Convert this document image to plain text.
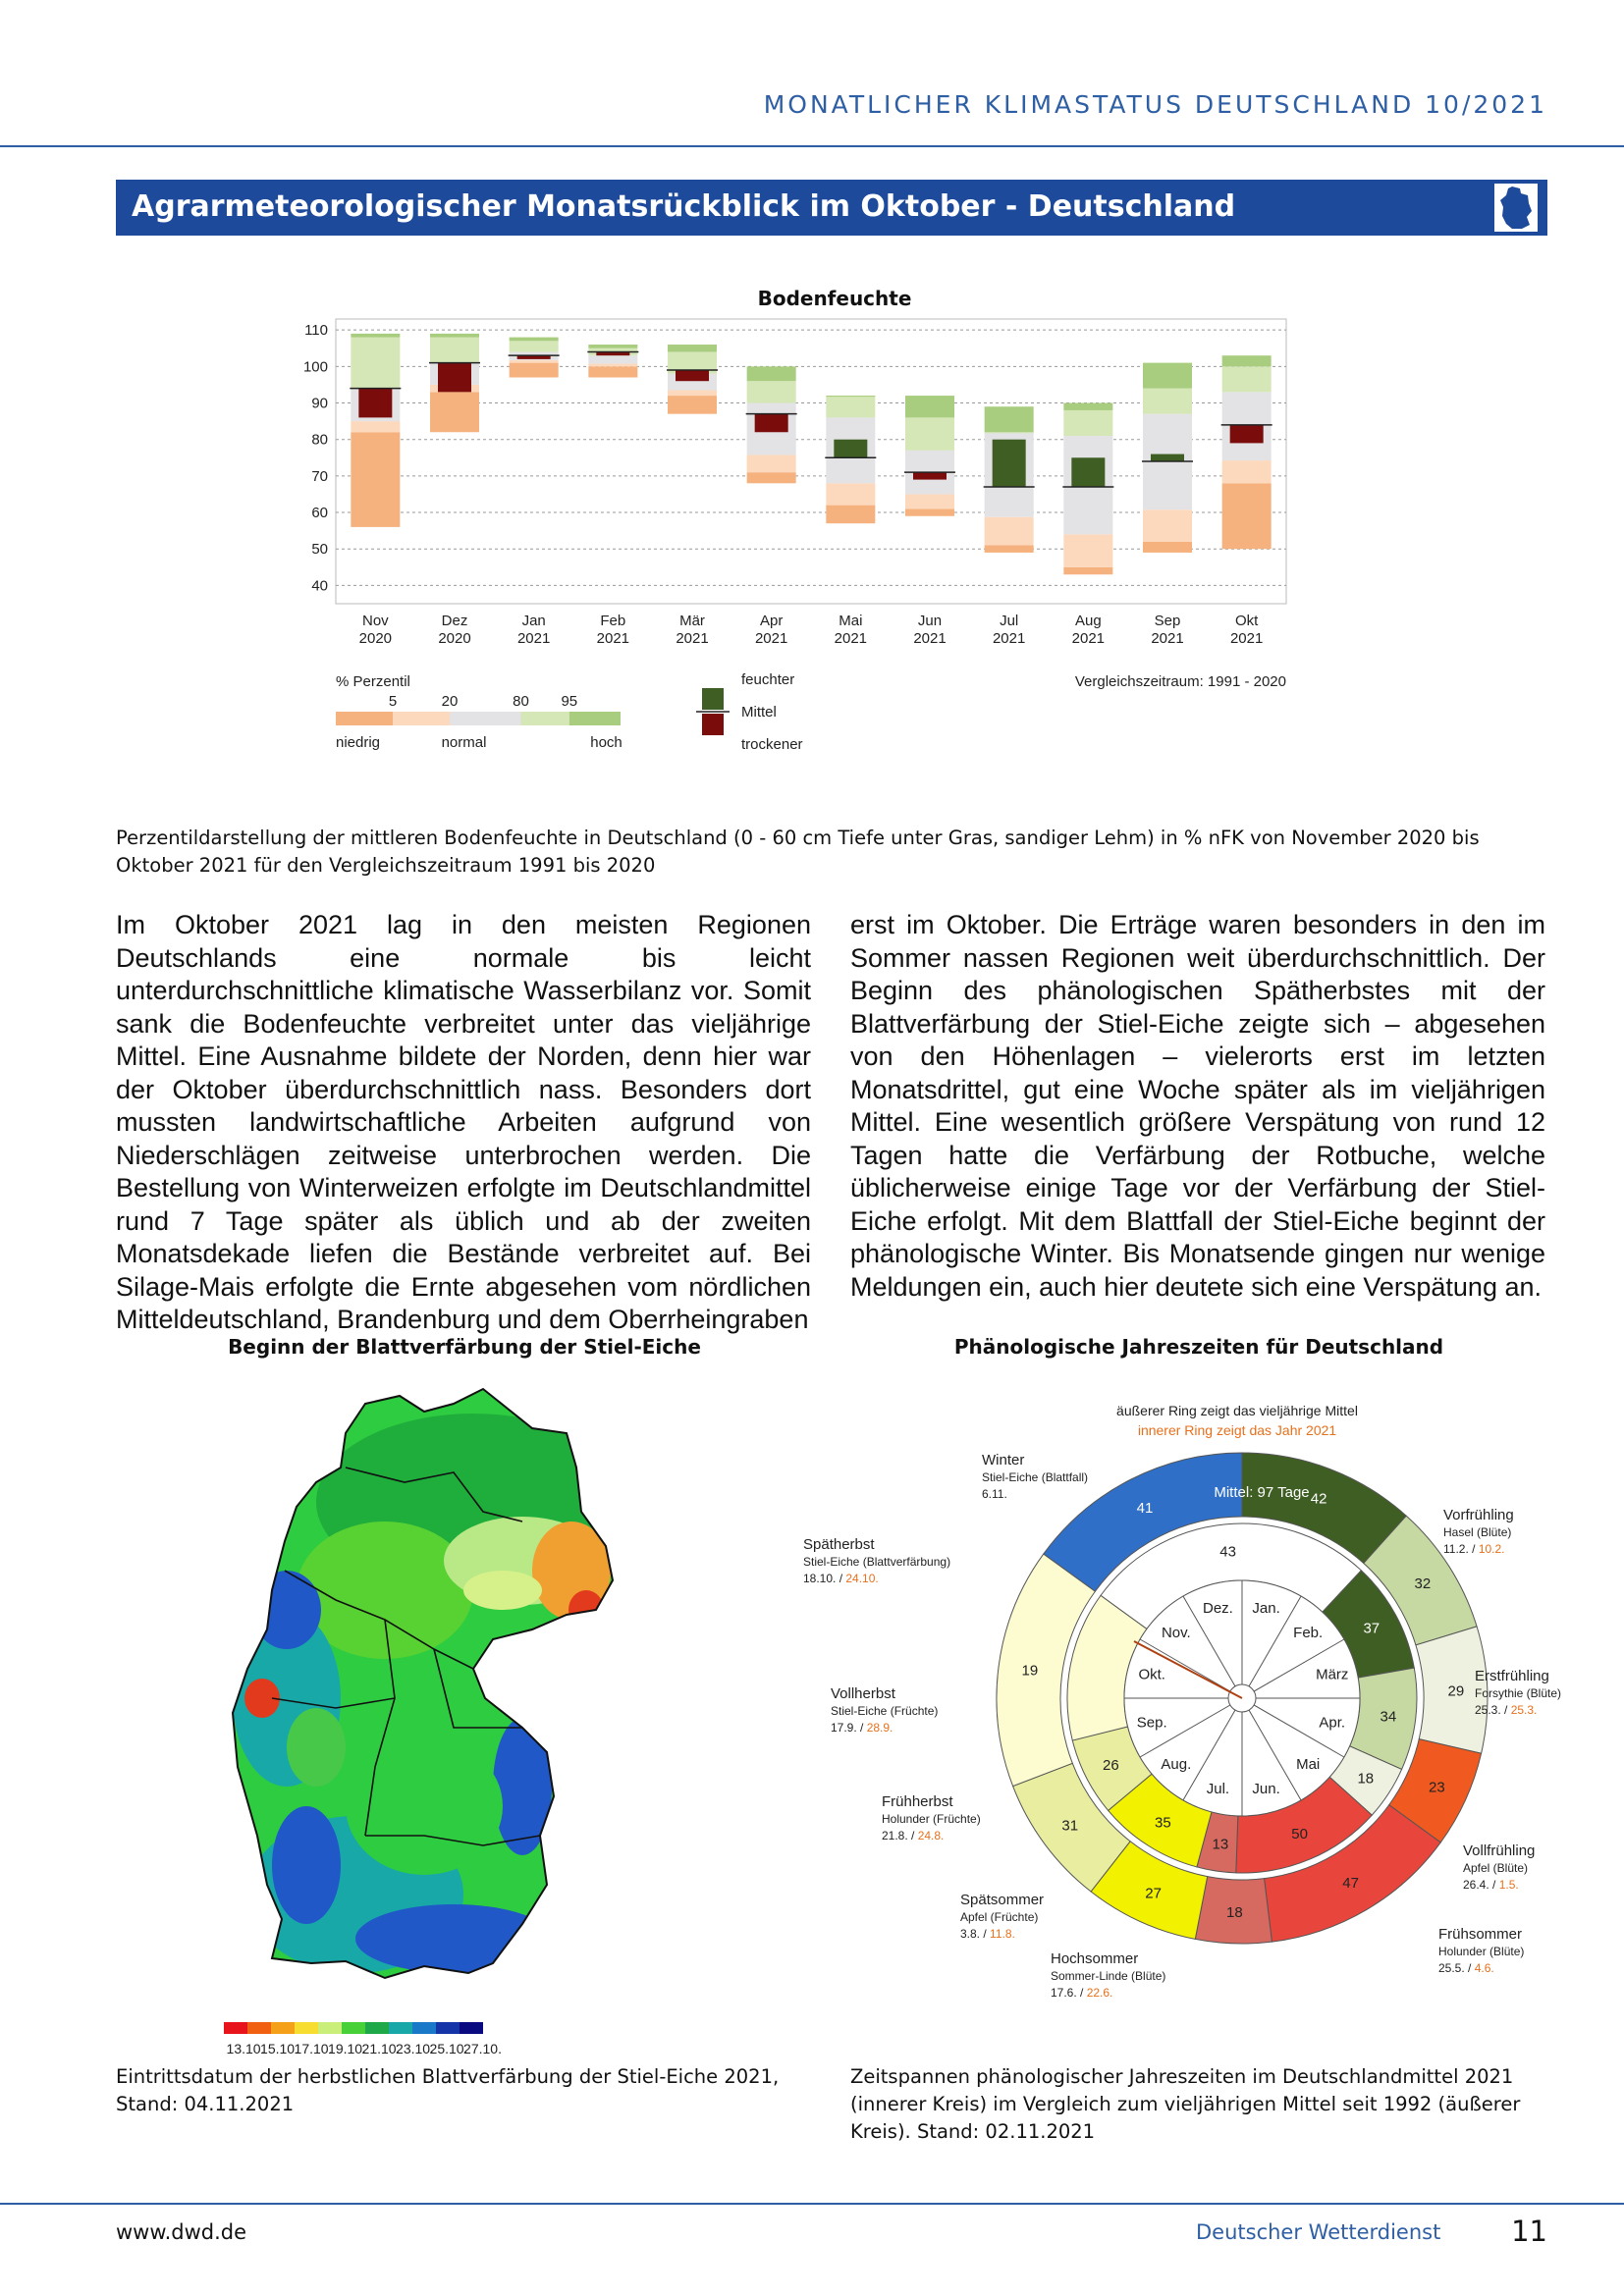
MONATLICHER KLIMASTATUS DEUTSCHLAND 10/2021
Agrarmeteorologischer Monatsrückblick im Oktober - Deutschland
Bodenfeuchte
110
100
90
80
70
60
50
40
Nov
2020
Dez
2020
Jan
2021
Feb
2021
Mär
2021
Apr
2021
Mai
2021
Jun
2021
Jul
2021
Aug
2021
Sep
2021
Okt
2021
Vergleichszeitraum: 1991 - 2020
% Perzentil
5	20	80 95
niedrig	normal	hoch
feuchter
Mittel
trockener
Perzentildarstellung der mittleren Bodenfeuchte in Deutschland (0 - 60 cm Tiefe unter Gras, sandiger Lehm) in % nFK von November 2020 bis Oktober 2021 für den Vergleichszeitraum 1991 bis 2020
Im Oktober 2021 lag in den meisten Regionen Deutschlands eine normale bis leicht unterdurchschnittliche klimatische Wasserbilanz vor. Somit sank die Bodenfeuchte verbreitet unter das vieljährige Mittel. Eine Ausnahme bildete der Norden, denn hier war der Oktober überdurchschnittlich nass. Besonders dort mussten landwirtschaftliche Arbeiten aufgrund von Niederschlägen zeitweise unterbrochen werden. Die Bestellung von Winterweizen erfolgte im Deutschlandmittel rund 7 Tage später als üblich und ab der zweiten Monatsdekade liefen die Bestände verbreitet auf. Bei Silage-Mais erfolgte die Ernte abgesehen vom nördlichen Mitteldeutschland, Brandenburg und dem Oberrheingraben
erst im Oktober. Die Erträge waren besonders in den im Sommer nassen Regionen weit überdurchschnittlich. Der Beginn des phänologischen Spätherbstes mit der Blattverfärbung der Stiel-Eiche zeigte sich – abgesehen von den Höhenlagen – vielerorts erst im letzten Monatsdrittel, gut eine Woche später als im vieljährigen Mittel. Eine wesentlich größere Verspätung von rund 12 Tagen hatte die Verfärbung der Rotbuche, welche üblicherweise einige Tage vor der Verfärbung der Stiel-Eiche erfolgt. Mit dem Blattfall der Stiel-Eiche beginnt der phänologische Winter. Bis Monatsende gingen nur wenige Meldungen ein, auch hier deutete sich eine Verspätung an.
Beginn der Blattverfärbung der Stiel-Eiche
13.10.
15.10.
17.10.
19.10.
21.10.
23.10.
25.10.
27.10.
Eintrittsdatum der herbstlichen Blattverfärbung der Stiel-Eiche 2021, Stand: 04.11.2021
Phänologische Jahreszeiten für Deutschland
Jan.
Feb.
März
Apr.
Mai
Jun.
Jul.
Aug.
Sep.
Okt.
Nov.
Dez.
41
42
32
29
23
47
18
27
31
19
43
37
34
18
50
13
35
26
Mittel: 97 Tage
äußerer Ring zeigt das vieljährige Mittel
innerer Ring zeigt das Jahr 2021
Winter
Stiel-Eiche (Blattfall)
6.11.
Vorfrühling
Hasel (Blüte)
11.2. / 10.2.
Erstfrühling
Forsythie (Blüte)
25.3. / 25.3.
Vollfrühling
Apfel (Blüte)
26.4. / 1.5.
Frühsommer
Holunder (Blüte)
25.5. / 4.6.
Hochsommer
Sommer-Linde (Blüte)
17.6. / 22.6.
Spätsommer
Apfel (Früchte)
3.8. / 11.8.
Frühherbst
Holunder (Früchte)
21.8. / 24.8.
Vollherbst
Stiel-Eiche (Früchte)
17.9. / 28.9.
Spätherbst
Stiel-Eiche (Blattverfärbung)
18.10. / 24.10.
Zeitspannen phänologischer Jahreszeiten im Deutschlandmittel 2021 (innerer Kreis) im Vergleich zum vieljährigen Mittel seit 1992 (äußerer Kreis). Stand: 02.11.2021
www.dwd.de	Deutscher Wetterdienst 11
